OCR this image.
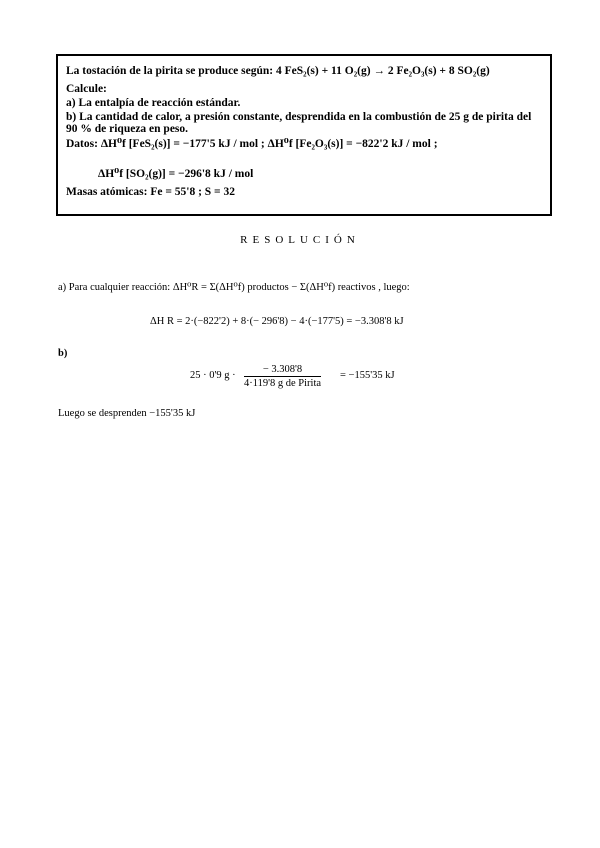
La tostación de la pirita se produce según: 4 FeS₂(s) + 11 O₂(g) → 2 Fe₂O₃(s) + 8 SO₂(g)

Calcule:

a) La entalpía de reacción estándar.

b) La cantidad de calor, a presión constante, desprendida en la combustión de 25 g de pirita del

90 % de riqueza en peso.

Datos: ΔH⁰f [FeS₂(s)] = −177'5 kJ / mol ; ΔH⁰f [Fe₂O₃(s)] = −822'2 kJ / mol ;
ΔH⁰f [SO₂(g)] = −296'8 kJ / mol
Masas atómicas: Fe = 55'8 ; S = 32
RESOLUCIÓN
a) Para cualquier reacción: ΔH⁰R = Σ(ΔH⁰f) productos − Σ(ΔH⁰f) reactivos , luego:
ΔH R = 2·(−822'2) + 8·(− 296'8) − 4·(−177'5) = −3.308'8 kJ
b)
25 · 0'9 g ·
− 3.308'8
4·119'8 g de Pirita
= −155'35 kJ
Luego se desprenden −155'35 kJ
